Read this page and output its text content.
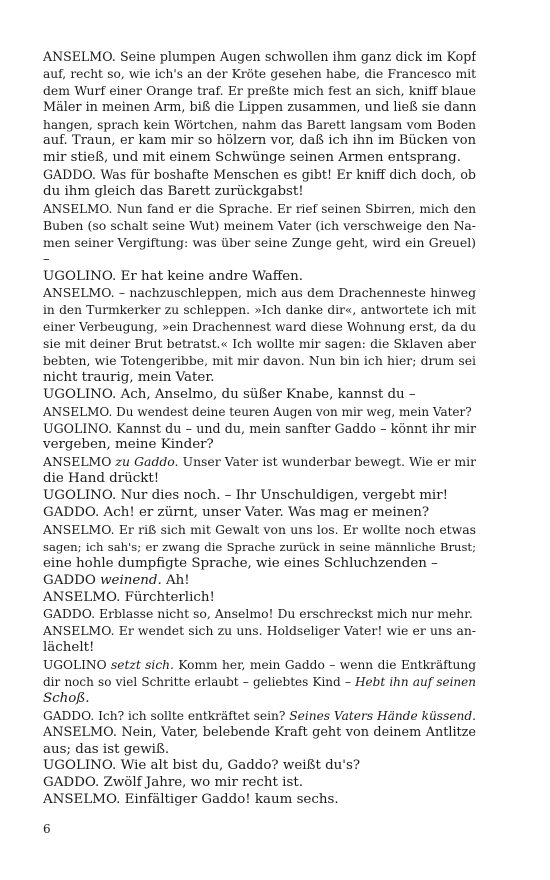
ANSELMO. Seine plumpen Augen schwollen ihm ganz dick im Kopf
auf, recht so, wie ich's an der Kröte gesehen habe, die Francesco mit
dem Wurf einer Orange traf. Er preßte mich fest an sich, kniff blaue
Mäler in meinen Arm, biß die Lippen zusammen, und ließ sie dann
hangen, sprach kein Wörtchen, nahm das Barett langsam vom Boden
auf. Traun, er kam mir so hölzern vor, daß ich ihn im Bücken von
mir stieß, und mit einem Schwünge seinen Armen entsprang.
GADDO. Was für boshafte Menschen es gibt! Er kniff dich doch, ob
du ihm gleich das Barett zurückgabst!
ANSELMO. Nun fand er die Sprache. Er rief seinen Sbirren, mich den
Buben (so schalt seine Wut) meinem Vater (ich verschweige den Na-
men seiner Vergiftung: was über seine Zunge geht, wird ein Greuel)
–
UGOLINO. Er hat keine andre Waffen.
ANSELMO. – nachzuschleppen, mich aus dem Drachenneste hinweg
in den Turmkerker zu schleppen. »Ich danke dir«, antwortete ich mit
einer Verbeugung, »ein Drachennest ward diese Wohnung erst, da du
sie mit deiner Brut betratst.« Ich wollte mir sagen: die Sklaven aber
bebten, wie Totengeribbe, mit mir davon. Nun bin ich hier; drum sei
nicht traurig, mein Vater.
UGOLINO. Ach, Anselmo, du süßer Knabe, kannst du –
ANSELMO. Du wendest deine teuren Augen von mir weg, mein Vater?
UGOLINO. Kannst du – und du, mein sanfter Gaddo – könnt ihr mir
vergeben, meine Kinder?
ANSELMO zu Gaddo. Unser Vater ist wunderbar bewegt. Wie er mir
die Hand drückt!
UGOLINO. Nur dies noch. – Ihr Unschuldigen, vergebt mir!
GADDO. Ach! er zürnt, unser Vater. Was mag er meinen?
ANSELMO. Er riß sich mit Gewalt von uns los. Er wollte noch etwas
sagen; ich sah's; er zwang die Sprache zurück in seine männliche Brust;
eine hohle dumpfigte Sprache, wie eines Schluchzenden –
GADDO weinend. Ah!
ANSELMO. Fürchterlich!
GADDO. Erblasse nicht so, Anselmo! Du erschreckst mich nur mehr.
ANSELMO. Er wendet sich zu uns. Holdseliger Vater! wie er uns an-
lächelt!
UGOLINO setzt sich. Komm her, mein Gaddo – wenn die Entkräftung
dir noch so viel Schritte erlaubt – geliebtes Kind – Hebt ihn auf seinen
Schoß.
GADDO. Ich? ich sollte entkräftet sein? Seines Vaters Hände küssend.
ANSELMO. Nein, Vater, belebende Kraft geht von deinem Antlitze
aus; das ist gewiß.
UGOLINO. Wie alt bist du, Gaddo? weißt du's?
GADDO. Zwölf Jahre, wo mir recht ist.
ANSELMO. Einfältiger Gaddo! kaum sechs.
6
